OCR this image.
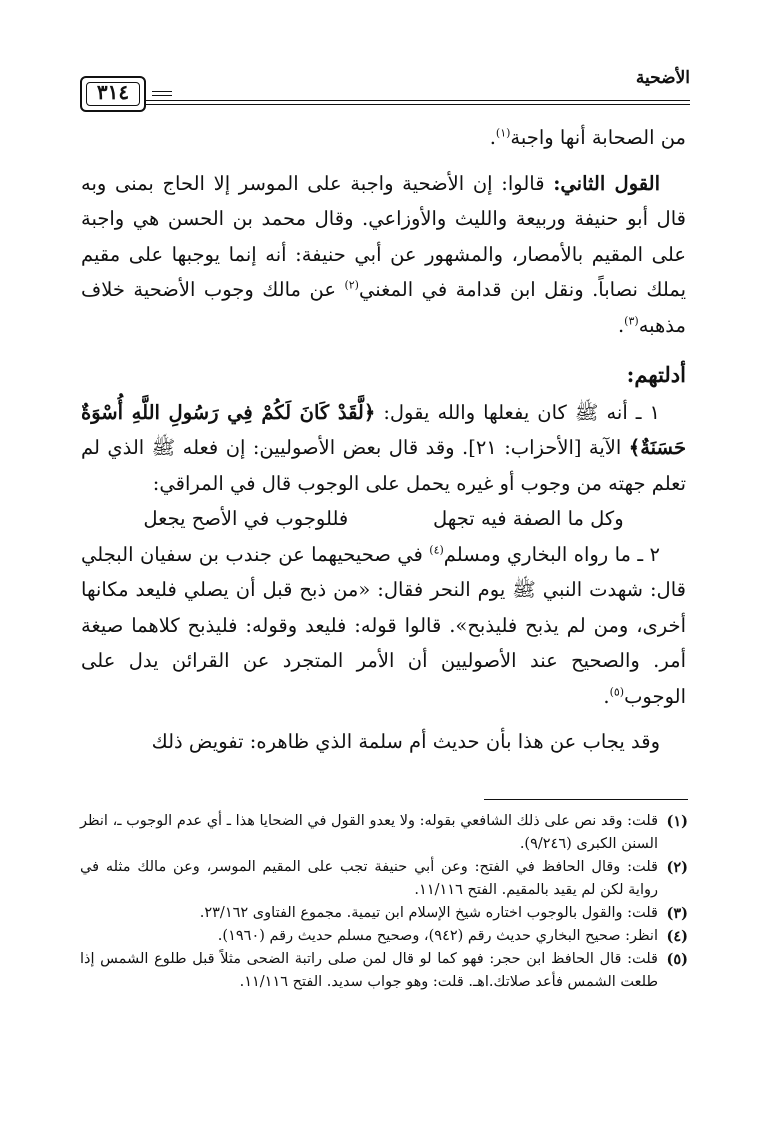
الأضحية
٣١٤

من الصحابة أنها واجبة$^{(١)}$.

القول الثاني: قالوا: إن الأضحية واجبة على الموسر إلا الحاج بمنى وبه قال أبو حنيفة وربيعة والليث والأوزاعي. وقال محمد بن الحسن هي واجبة على المقيم بالأمصار، والمشهور عن أبي حنيفة: أنه إنما يوجبها على مقيم يملك نصاباً. ونقل ابن قدامة في المغني$^{(٢)}$ عن مالك وجوب الأضحية خلاف مذهبه$^{(٣)}$.

أدلتهم:

١ ـ أنه ﷺ كان يفعلها والله يقول: ﴿لَّقَدْ كَانَ لَكُمْ فِي رَسُولِ اللَّهِ أُسْوَةٌ حَسَنَةٌ﴾ الآية [الأحزاب: ٢١]. وقد قال بعض الأصوليين: إن فعله ﷺ الذي لم تعلم جهته من وجوب أو غيره يحمل على الوجوب قال في المراقي:

وكل ما الصفة فيه تجهل
فللوجوب في الأصح يجعل

٢ ـ ما رواه البخاري ومسلم$^{(٤)}$ في صحيحيهما عن جندب بن سفيان البجلي قال: شهدت النبي ﷺ يوم النحر فقال: «من ذبح قبل أن يصلي فليعد مكانها أخرى، ومن لم يذبح فليذبح». قالوا قوله: فليعد وقوله: فليذبح كلاهما صيغة أمر. والصحيح عند الأصوليين أن الأمر المتجرد عن القرائن يدل على الوجوب$^{(٥)}$.

وقد يجاب عن هذا بأن حديث أم سلمة الذي ظاهره: تفويض ذلك

(١)
قلت: وقد نص على ذلك الشافعي بقوله: ولا يعدو القول في الضحايا هذا ـ أي عدم الوجوب ـ، انظر السنن الكبرى (٩/٢٤٦).

(٢)
قلت: وقال الحافظ في الفتح: وعن أبي حنيفة تجب على المقيم الموسر، وعن مالك مثله في رواية لكن لم يقيد بالمقيم. الفتح ١١/١١٦.

(٣)
قلت: والقول بالوجوب اختاره شيخ الإسلام ابن تيمية. مجموع الفتاوى ٢٣/١٦٢.

(٤)
انظر: صحيح البخاري حديث رقم (٩٤٢)، وصحيح مسلم حديث رقم (١٩٦٠).

(٥)
قلت: قال الحافظ ابن حجر: فهو كما لو قال لمن صلى راتبة الضحى مثلاً قبل طلوع الشمس إذا طلعت الشمس فأعد صلاتك.اهـ. قلت: وهو جواب سديد. الفتح ١١/١١٦.
